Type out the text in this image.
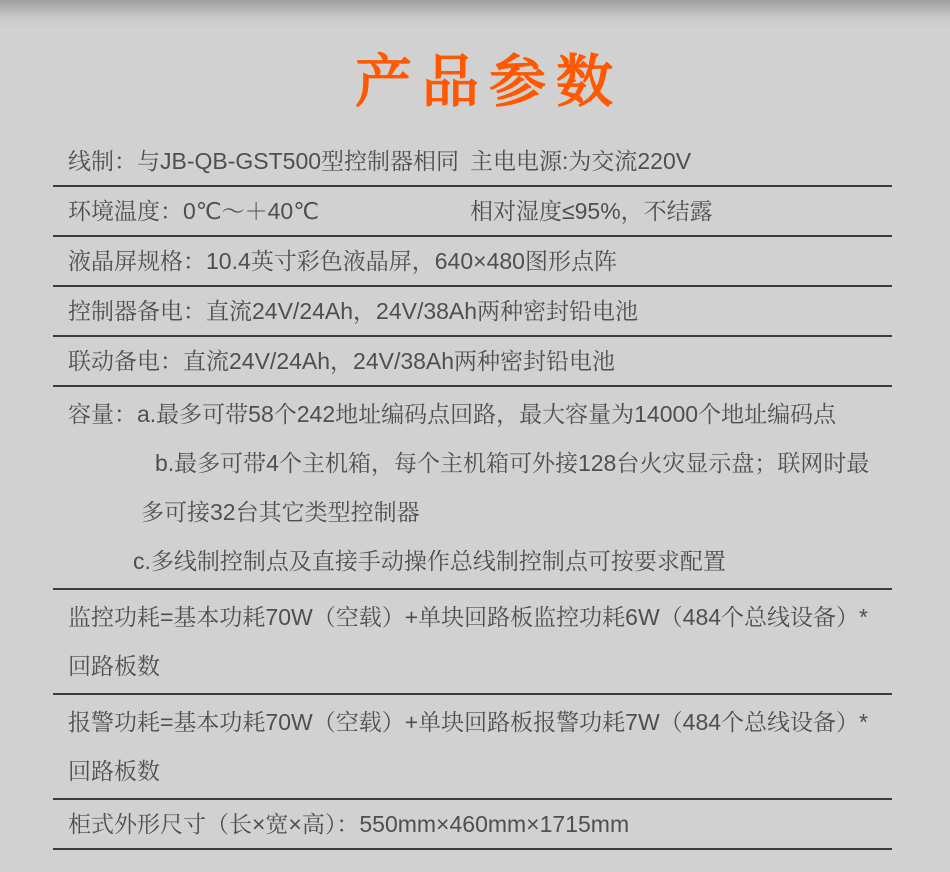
产品参数
线制：与JB-QB-GST500型控制器相同 主电电源:为交流220V
环境温度：0℃～＋40℃	相对湿度≤95%，不结露
液晶屏规格：10.4英寸彩色液晶屏，640×480图形点阵
控制器备电：直流24V/24Ah，24V/38Ah两种密封铅电池
联动备电：直流24V/24Ah，24V/38Ah两种密封铅电池
容量：a.最多可带58个242地址编码点回路，最大容量为14000个地址编码点
b.最多可带4个主机箱，每个主机箱可外接128台火灾显示盘；联网时最
多可接32台其它类型控制器
c.多线制控制点及直接手动操作总线制控制点可按要求配置
监控功耗=基本功耗70W（空载）+单块回路板监控功耗6W（484个总线设备）*
回路板数
报警功耗=基本功耗70W（空载）+单块回路板报警功耗7W（484个总线设备）*
回路板数
柜式外形尺寸（长×宽×高）：550mm×460mm×1715mm
